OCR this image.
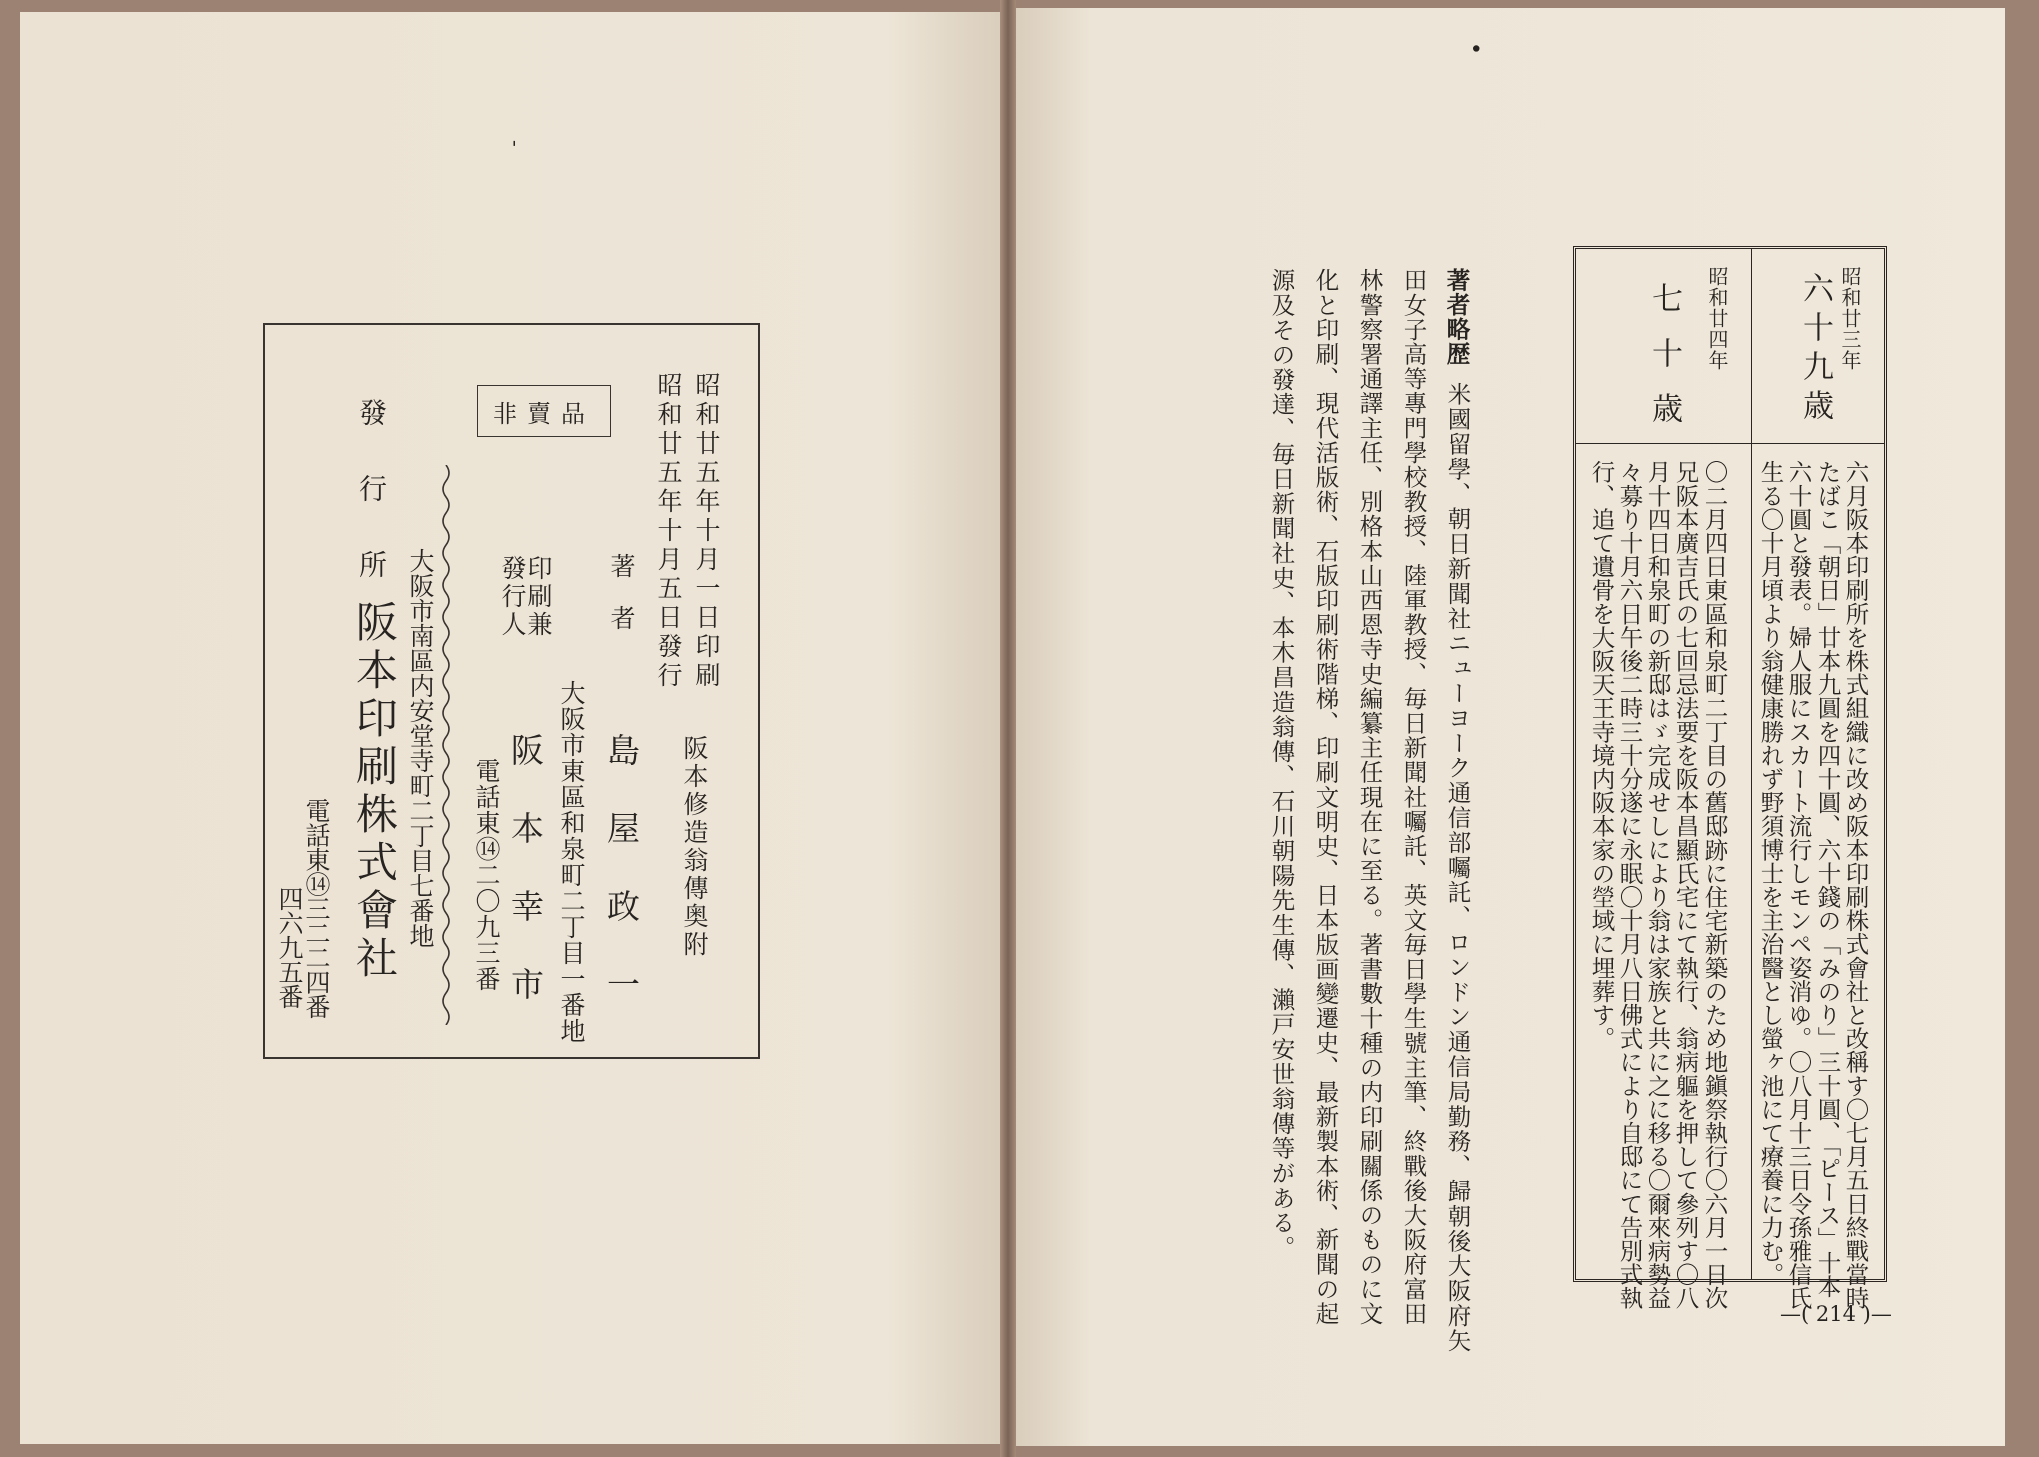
-
昭和廿五年十月一日印刷
昭和廿五年十月五日發行
非賣品
阪本修造翁傳奥附
著　者
島　屋　政　一
大阪市東區和泉町二丁目一番地
印刷兼
發行人
阪　本　幸　市
電話東⑭二〇九三番
發　行　所
大阪市南區内安堂寺町二丁目七番地
阪本印刷株式會社
電話東⑭三二二四番
四六九五番
•
昭和廿三年
六十九歳
六月阪本印刷所を株式組織に改め阪本印刷株式會社と改稱す〇七月五日終戰當時
たばこ「朝日」廿本九圓を四十圓、六十錢の「みのり」三十圓、「ピース」十本
六十圓と發表。婦人服にスカート流行しモンペ姿消ゆ。〇八月十三日令孫雅信氏
生る〇十月頃より翁健康勝れず野須博士を主治醫とし螢ヶ池にて療養に力む。
昭和廿四年
七十歳
〇二月四日東區和泉町二丁目の舊邸跡に住宅新築のため地鎭祭執行〇六月一日次
兄阪本廣吉氏の七回忌法要を阪本昌顯氏宅にて執行、翁病軀を押して參列す〇八
月十四日和泉町の新邸はゞ完成せしにより翁は家族と共に之に移る〇爾來病勢益
々募り十月六日午後二時三十分遂に永眠〇十月八日佛式により自邸にて告別式執
行、追て遺骨を大阪天王寺境内阪本家の塋域に埋葬す。
著者略歴
米國留學、朝日新聞社ニューヨーク通信部囑託、ロンドン通信局勤務、歸朝後大阪府矢
田女子高等專門學校教授、陸軍教授、毎日新聞社囑託、英文毎日學生號主筆、終戰後大阪府富田
林警察署通譯主任、別格本山西恩寺史編纂主任現在に至る。著書數十種の内印刷關係のものに文
化と印刷、現代活版術、石版印刷術階梯、印刷文明史、日本版画變遷史、最新製本術、新聞の起
源及その發達、毎日新聞社史、本木昌造翁傳、石川朝陽先生傳、瀨戸安世翁傳等がある。
—( 214 )—
